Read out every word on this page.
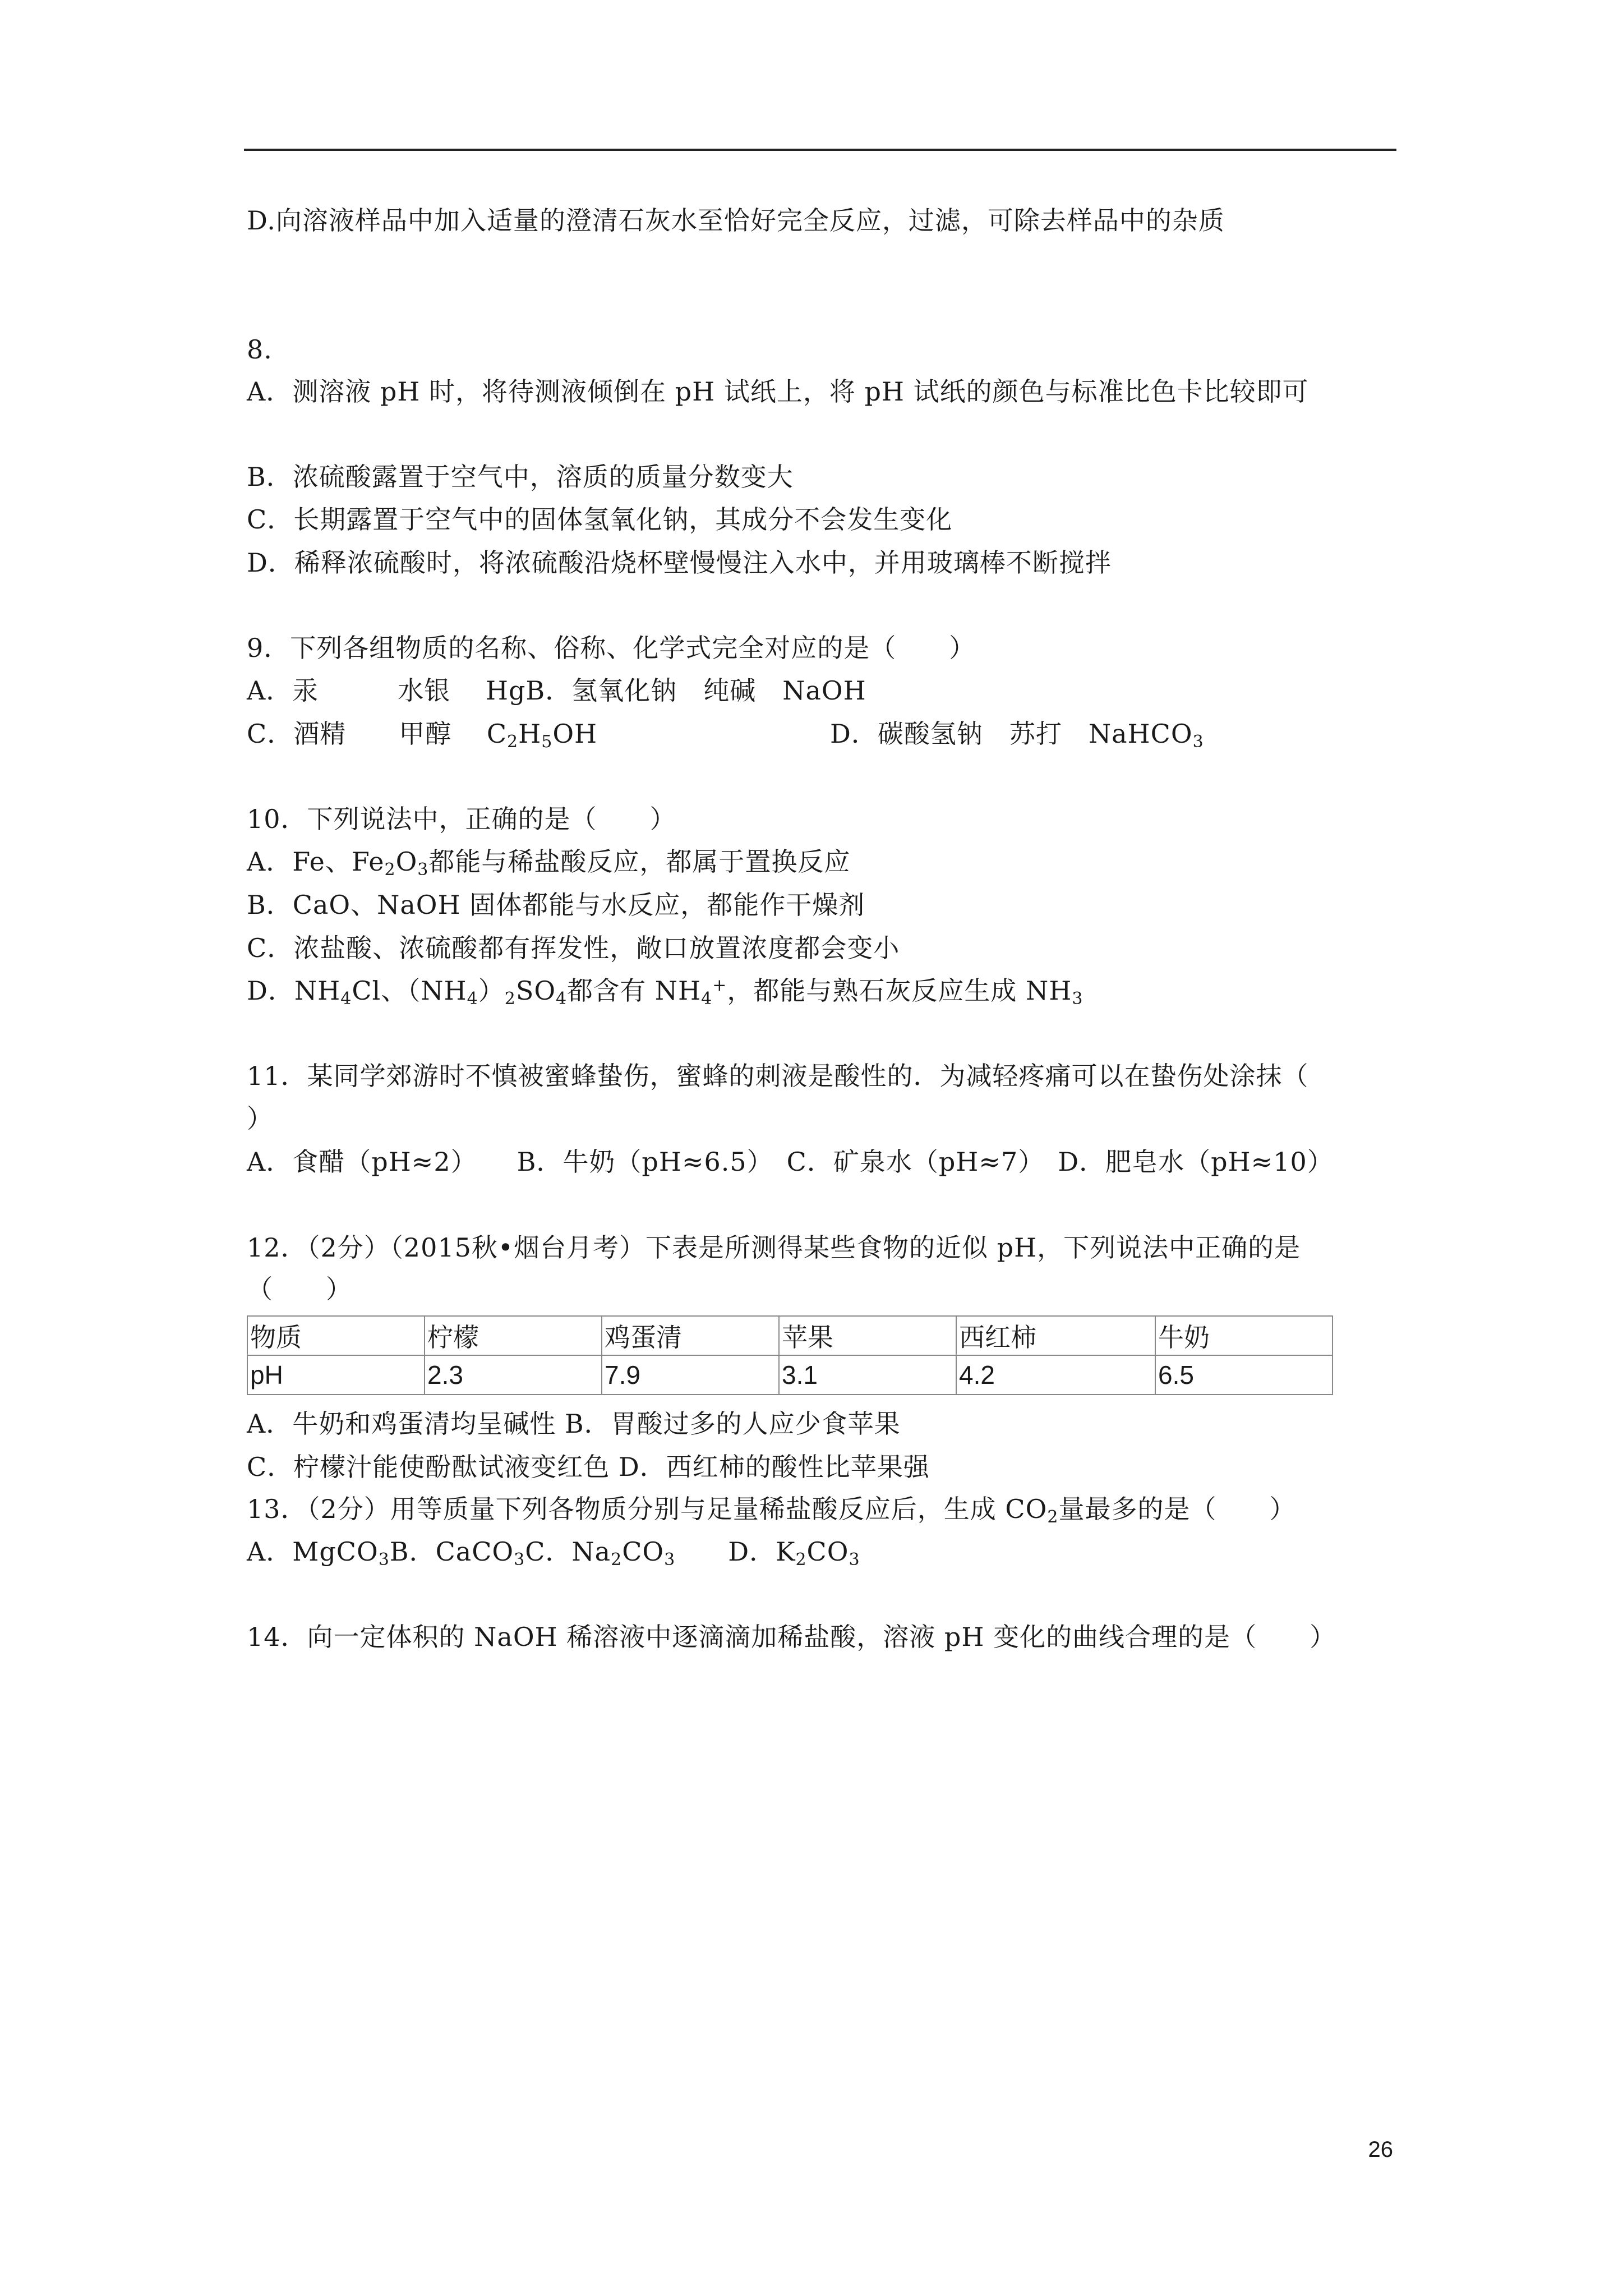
D.向溶液样品中加入适量的澄清石灰水至恰好完全反应，过滤，可除去样品中的杂质
8.
A．测溶液 pH 时，将待测液倾倒在 pH 试纸上，将 pH 试纸的颜色与标准比色卡比较即可
B．浓硫酸露置于空气中，溶质的质量分数变大
C．长期露置于空气中的固体氢氧化钠，其成分不会发生变化
D．稀释浓硫酸时，将浓硫酸沿烧杯壁慢慢注入水中，并用玻璃棒不断搅拌
9．下列各组物质的名称、俗称、化学式完全对应的是（　　）
A．汞　　　水银　 HgB．氢氧化钠　纯碱　NaOH
C．酒精　　甲醇　 $C_2H_5OH$	D．碳酸氢钠　苏打　NaHCO$_3$
10．下列说法中，正确的是（　　）
A．Fe、$Fe_2O_3$都能与稀盐酸反应，都属于置换反应
B．CaO、NaOH 固体都能与水反应，都能作干燥剂
C．浓盐酸、浓硫酸都有挥发性，敞口放置浓度都会变小
D．$NH_4Cl$、$(NH_4)_2SO_4$都含有 $NH_4^+$，都能与熟石灰反应生成 $NH_3$
11．某同学郊游时不慎被蜜蜂蛰伤，蜜蜂的刺液是酸性的．为减轻疼痛可以在蛰伤处涂抹（
）
A．食醋（pH≈2）　　B．牛奶（pH≈6.5）　C．矿泉水（pH≈7）　D．肥皂水（pH≈10）
12．（2分）（2015秋•烟台月考）下表是所测得某些食物的近似 pH，下列说法中正确的是
（　　）
物质	柠檬	鸡蛋清	苹果	西红柿	牛奶
pH	2.3	7.9	3.1	4.2	6.5
A．牛奶和鸡蛋清均呈碱性 B．胃酸过多的人应少食苹果
C．柠檬汁能使酚酞试液变红色 D．西红柿的酸性比苹果强
13．（2分）用等质量下列各物质分别与足量稀盐酸反应后，生成 $CO_2$量最多的是（　　）
A．MgCO$_3$B．CaCO$_3$C．$Na_2CO_3$　　D．$K_2CO_3$
14．向一定体积的 NaOH 稀溶液中逐滴滴加稀盐酸，溶液 pH 变化的曲线合理的是（　　）
26
